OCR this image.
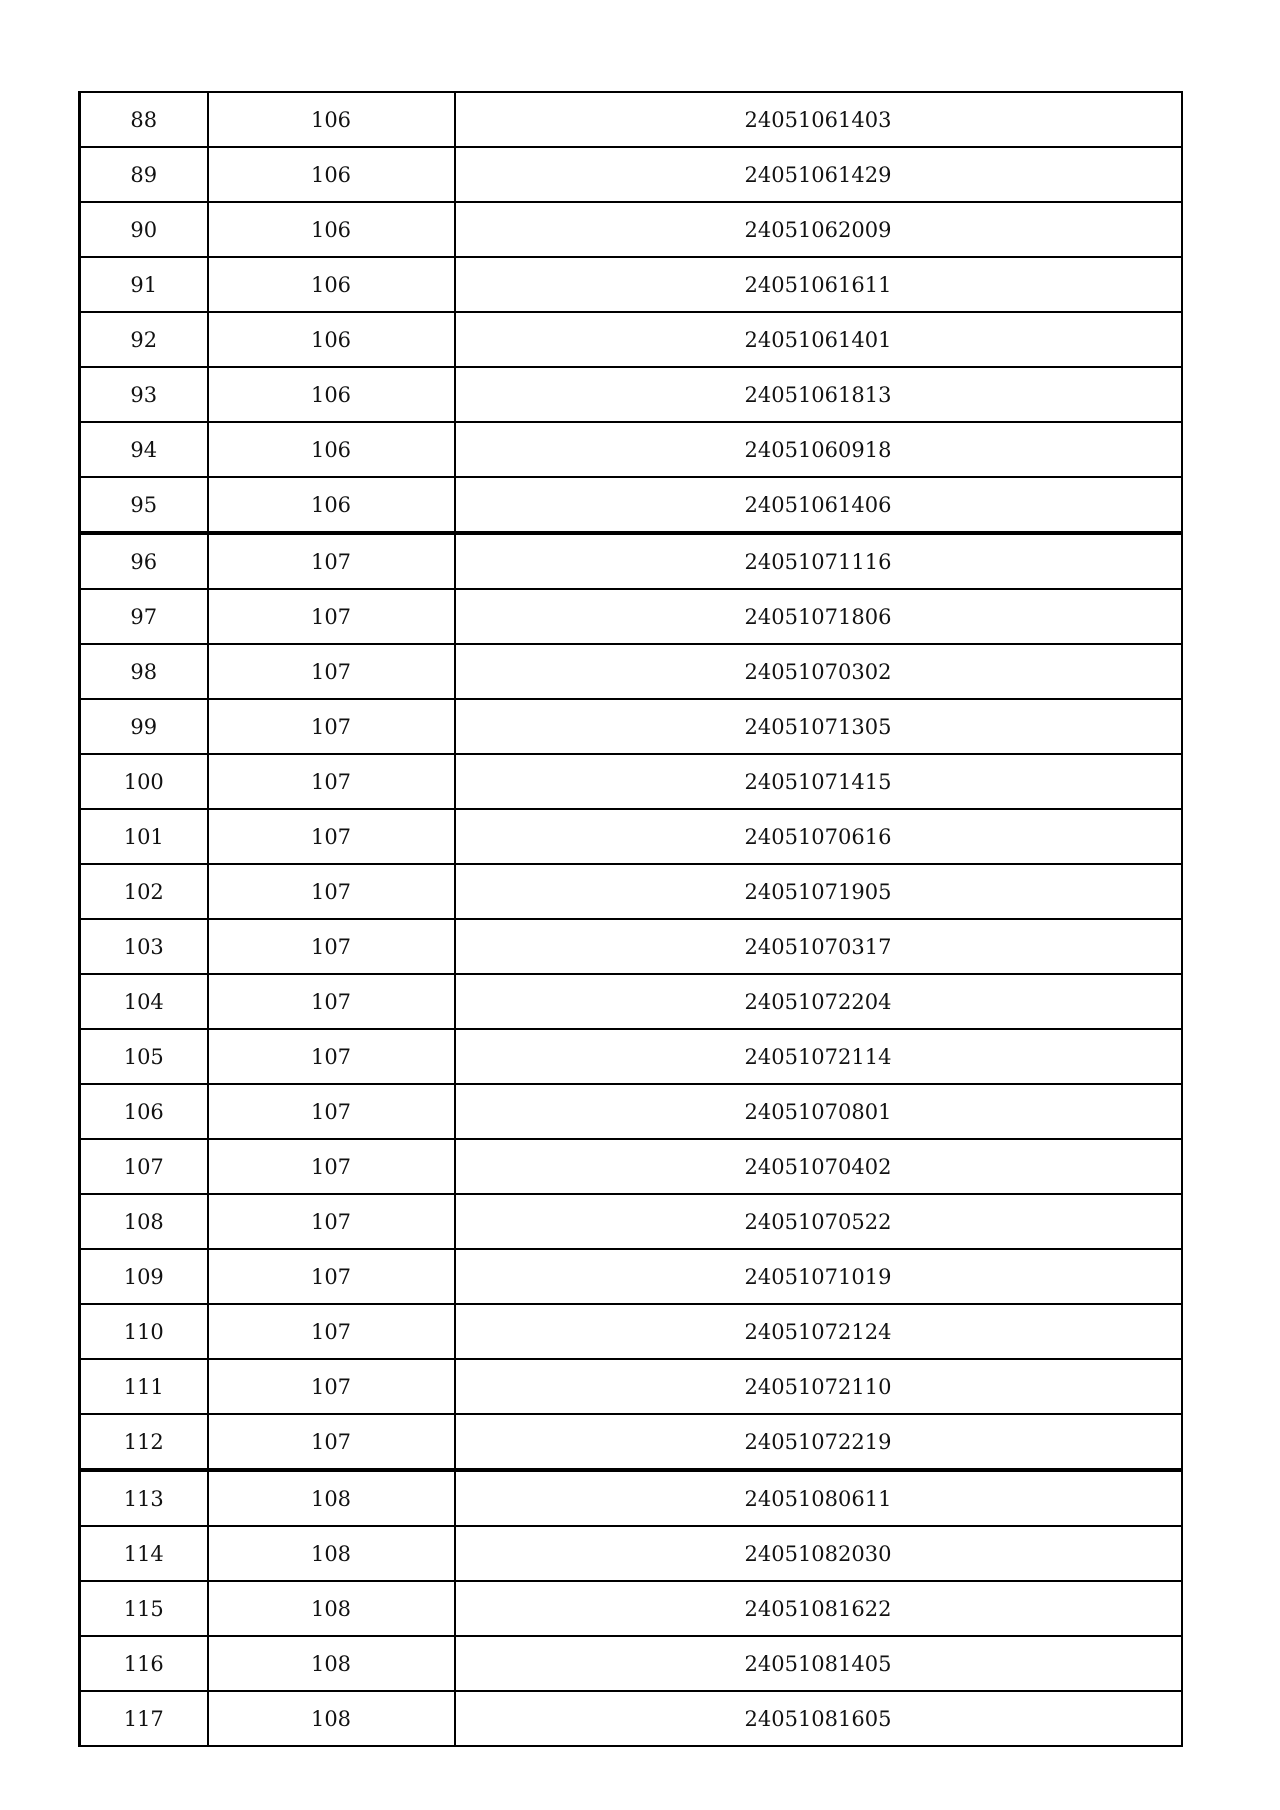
88	106	24051061403
89	106	24051061429
90	106	24051062009
91	106	24051061611
92	106	24051061401
93	106	24051061813
94	106	24051060918
95	106	24051061406
96	107	24051071116
97	107	24051071806
98	107	24051070302
99	107	24051071305
100	107	24051071415
101	107	24051070616
102	107	24051071905
103	107	24051070317
104	107	24051072204
105	107	24051072114
106	107	24051070801
107	107	24051070402
108	107	24051070522
109	107	24051071019
110	107	24051072124
111	107	24051072110
112	107	24051072219
113	108	24051080611
114	108	24051082030
115	108	24051081622
116	108	24051081405
117	108	24051081605
